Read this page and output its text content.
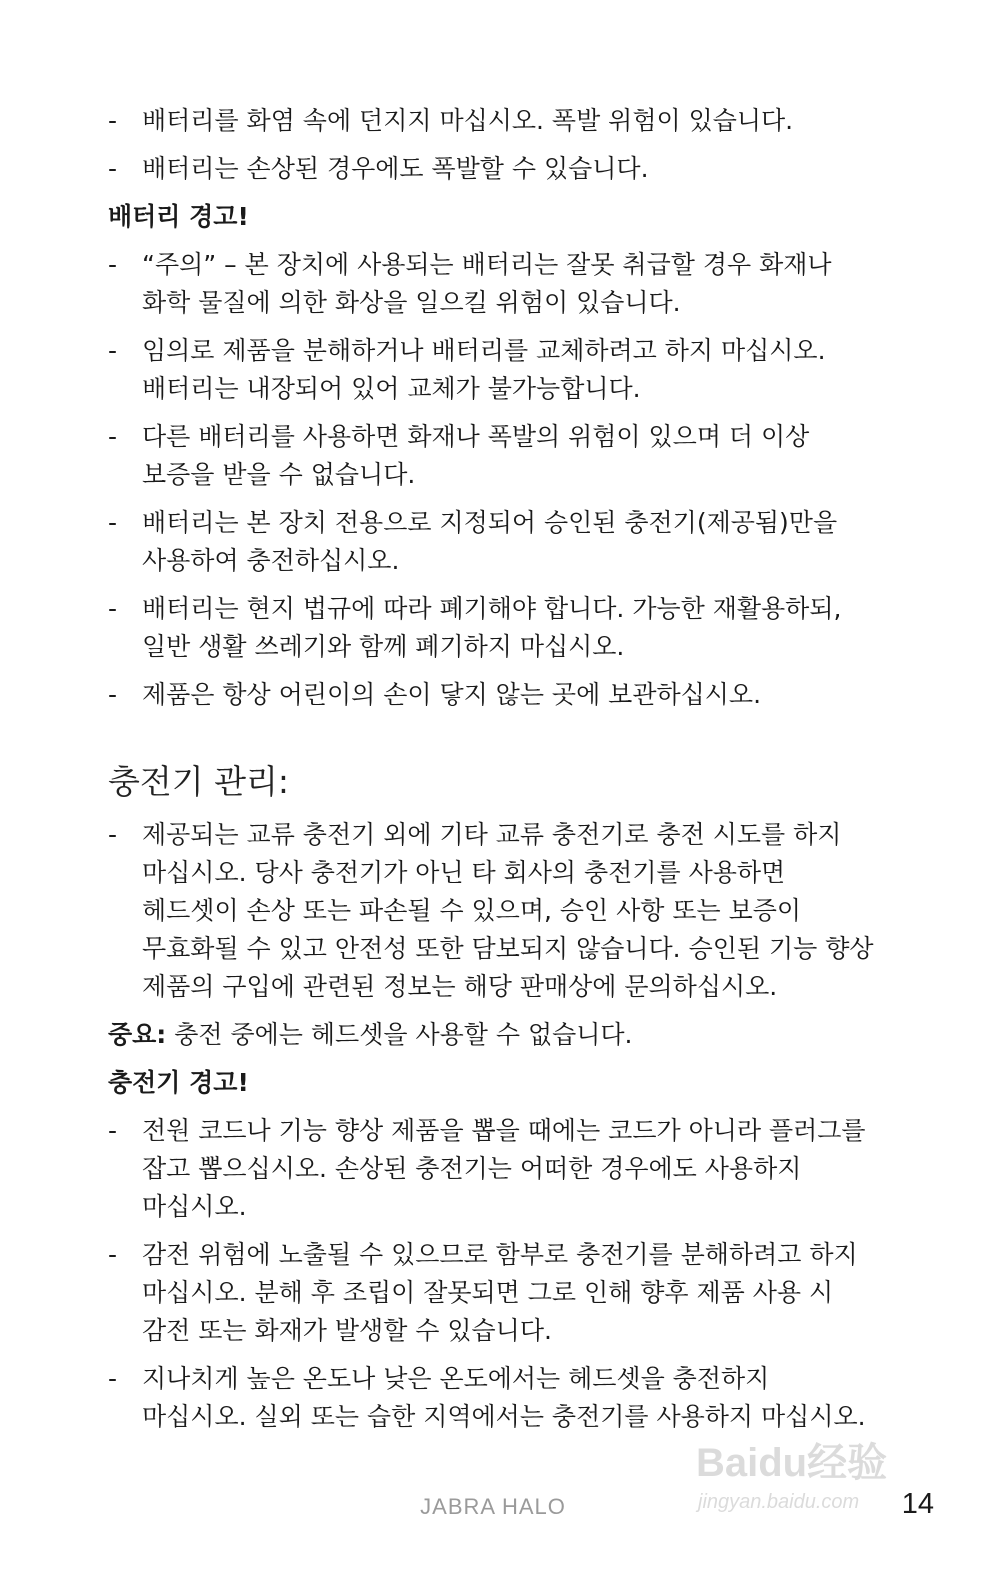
- 배터리를 화염 속에 던지지 마십시오. 폭발 위험이 있습니다.
- 배터리는 손상된 경우에도 폭발할 수 있습니다.
배터리 경고!
- “주의” – 본 장치에 사용되는 배터리는 잘못 취급할 경우 화재나 화학 물질에 의한 화상을 일으킬 위험이 있습니다.
- 임의로 제품을 분해하거나 배터리를 교체하려고 하지 마십시오. 배터리는 내장되어 있어 교체가 불가능합니다.
- 다른 배터리를 사용하면 화재나 폭발의 위험이 있으며 더 이상 보증을 받을 수 없습니다.
- 배터리는 본 장치 전용으로 지정되어 승인된 충전기(제공됨)만을 사용하여 충전하십시오.
- 배터리는 현지 법규에 따라 폐기해야 합니다. 가능한 재활용하되, 일반 생활 쓰레기와 함께 폐기하지 마십시오.
- 제품은 항상 어린이의 손이 닿지 않는 곳에 보관하십시오.
충전기 관리:
- 제공되는 교류 충전기 외에 기타 교류 충전기로 충전 시도를 하지 마십시오. 당사 충전기가 아닌 타 회사의 충전기를 사용하면 헤드셋이 손상 또는 파손될 수 있으며, 승인 사항 또는 보증이 무효화될 수 있고 안전성 또한 담보되지 않습니다. 승인된 기능 향상 제품의 구입에 관련된 정보는 해당 판매상에 문의하십시오.
중요: 충전 중에는 헤드셋을 사용할 수 없습니다.
충전기 경고!
- 전원 코드나 기능 향상 제품을 뽑을 때에는 코드가 아니라 플러그를 잡고 뽑으십시오. 손상된 충전기는 어떠한 경우에도 사용하지 마십시오.
- 감전 위험에 노출될 수 있으므로 함부로 충전기를 분해하려고 하지 마십시오. 분해 후 조립이 잘못되면 그로 인해 향후 제품 사용 시 감전 또는 화재가 발생할 수 있습니다.
- 지나치게 높은 온도나 낮은 온도에서는 헤드셋을 충전하지 마십시오. 실외 또는 습한 지역에서는 충전기를 사용하지 마십시오.
Baidu经验
jingyan.baidu.com
JABRA HALO	14
